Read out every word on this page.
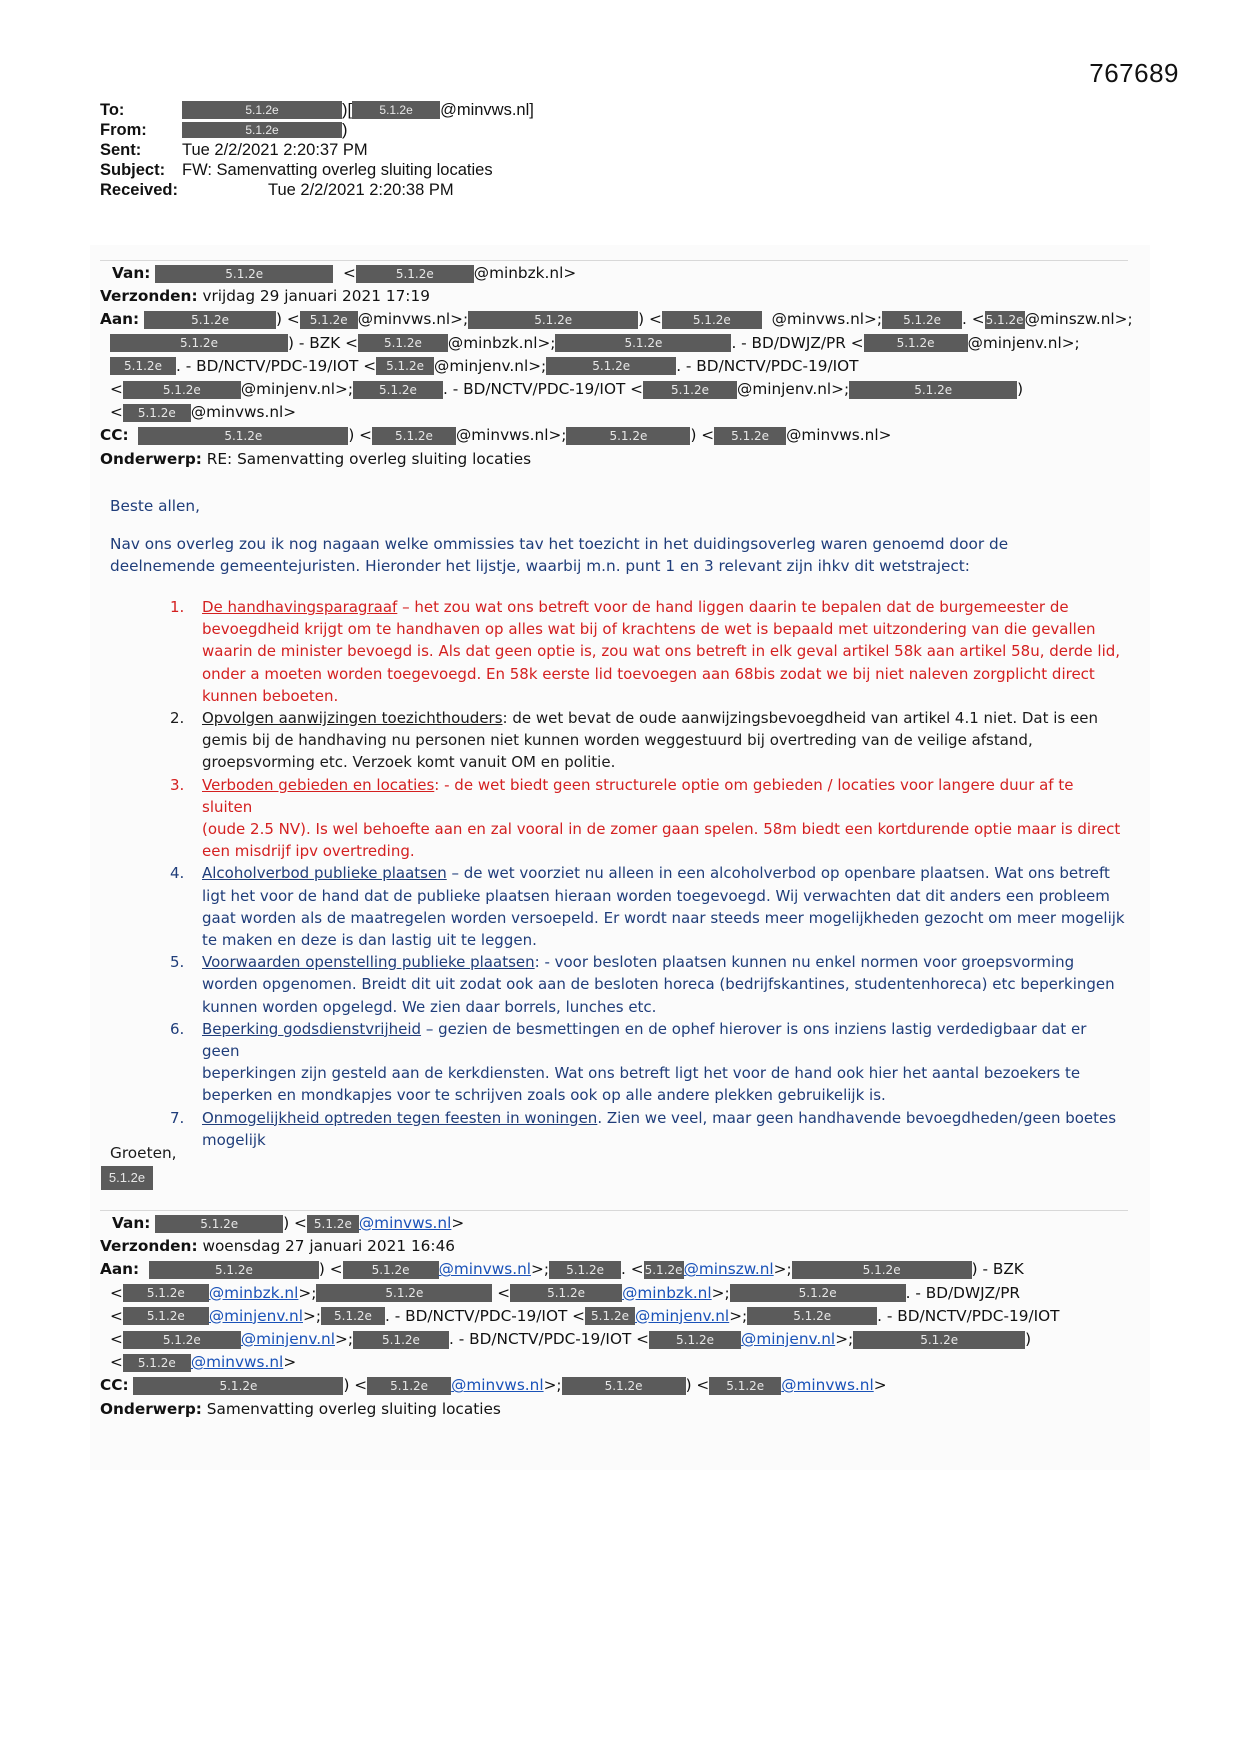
767689
To:	5.1.2e	)[	5.1.2e	@minvws.nl]
From:	5.1.2e	)
Sent:	Tue 2/2/2021 2:20:37 PM
Subject:	FW: Samenvatting overleg sluiting locaties
Received:	Tue 2/2/2021 2:20:38 PM
Van:
	5.1.2e
	<	5.1.2e	@minbzk.nl>
Verzonden:
vrijdag 29 januari 2021 17:19
Aan:
	5.1.2e	) < 5.1.2e @minvws.nl>;	5.1.2e	) <	5.1.2e
	@minvws.nl>;	5.1.2e	. < 5.1.2e @minszw.nl>;
5.1.2e	) - BZK <	5.1.2e	@minbzk.nl>;	5.1.2e	. - BD/DWJZ/PR <	5.1.2e	@minjenv.nl>;
5.1.2e . - BD/NCTV/PDC-19/IOT < 5.1.2e @minjenv.nl>;	5.1.2e	. - BD/NCTV/PDC-19/IOT
<	5.1.2e	@minjenv.nl>;	5.1.2e	. - BD/NCTV/PDC-19/IOT <	5.1.2e	@minjenv.nl>;	5.1.2e	)
<	5.1.2e @minvws.nl>
CC:
	5.1.2e	) <	5.1.2e	@minvws.nl>;	5.1.2e	) <	5.1.2e	@minvws.nl>
Onderwerp:
RE: Samenvatting overleg sluiting locaties
Beste allen,
Nav ons overleg zou ik nog nagaan welke ommissies tav het toezicht in het duidingsoverleg waren genoemd door de
deelnemende gemeentejuristen. Hieronder het lijstje, waarbij m.n. punt 1 en 3 relevant zijn ihkv dit wetstraject:
1. De handhavingsparagraaf – het zou wat ons betreft voor de hand liggen daarin te bepalen dat de burgemeester de
bevoegdheid krijgt om te handhaven op alles wat bij of krachtens de wet is bepaald met uitzondering van die gevallen
waarin de minister bevoegd is. Als dat geen optie is, zou wat ons betreft in elk geval artikel 58k aan artikel 58u, derde lid,
onder a moeten worden toegevoegd. En 58k eerste lid toevoegen aan 68bis zodat we bij niet naleven zorgplicht direct
kunnen beboeten.
2. Opvolgen aanwijzingen toezichthouders: de wet bevat de oude aanwijzingsbevoegdheid van artikel 4.1 niet. Dat is een
gemis bij de handhaving nu personen niet kunnen worden weggestuurd bij overtreding van de veilige afstand,
groepsvorming etc. Verzoek komt vanuit OM en politie.
3. Verboden gebieden en locaties: - de wet biedt geen structurele optie om gebieden / locaties voor langere duur af te sluiten
(oude 2.5 NV). Is wel behoefte aan en zal vooral in de zomer gaan spelen. 58m biedt een kortdurende optie maar is direct
een misdrijf ipv overtreding.
4. Alcoholverbod publieke plaatsen – de wet voorziet nu alleen in een alcoholverbod op openbare plaatsen. Wat ons betreft
ligt het voor de hand dat de publieke plaatsen hieraan worden toegevoegd. Wij verwachten dat dit anders een probleem
gaat worden als de maatregelen worden versoepeld. Er wordt naar steeds meer mogelijkheden gezocht om meer mogelijk
te maken en deze is dan lastig uit te leggen.
5. Voorwaarden openstelling publieke plaatsen: - voor besloten plaatsen kunnen nu enkel normen voor groepsvorming
worden opgenomen. Breidt dit uit zodat ook aan de besloten horeca (bedrijfskantines, studentenhoreca) etc beperkingen
kunnen worden opgelegd. We zien daar borrels, lunches etc.
6. Beperking godsdienstvrijheid – gezien de besmettingen en de ophef hierover is ons inziens lastig verdedigbaar dat er geen
beperkingen zijn gesteld aan de kerkdiensten. Wat ons betreft ligt het voor de hand ook hier het aantal bezoekers te
beperken en mondkapjes voor te schrijven zoals ook op alle andere plekken gebruikelijk is.
7. Onmogelijkheid optreden tegen feesten in woningen. Zien we veel, maar geen handhavende bevoegdheden/geen boetes
mogelijk
Groeten,
5.1.2e
Van:
	5.1.2e	) < 5.1.2e @minvws.nl >
Verzonden:
woensdag 27 januari 2021 16:46
Aan:
	5.1.2e	) <	5.1.2e	@minvws.nl >;	5.1.2e	. < 5.1.2e @minszw.nl >;	5.1.2e	) - BZK
<	5.1.2e	@minbzk.nl >;	5.1.2e
	<	5.1.2e	@minbzk.nl >;	5.1.2e	. - BD/DWJZ/PR
<	5.1.2e	@minjenv.nl >;	5.1.2e . - BD/NCTV/PDC-19/IOT < 5.1.2e @minjenv.nl >;	5.1.2e	. - BD/NCTV/PDC-19/IOT
<	5.1.2e	@minjenv.nl >;	5.1.2e	. - BD/NCTV/PDC-19/IOT <	5.1.2e	@minjenv.nl >;	5.1.2e	)
<	5.1.2e @minvws.nl >
CC:
	5.1.2e	) <	5.1.2e	@minvws.nl >;	5.1.2e	) <	5.1.2e	@minvws.nl >
Onderwerp:
Samenvatting overleg sluiting locaties
